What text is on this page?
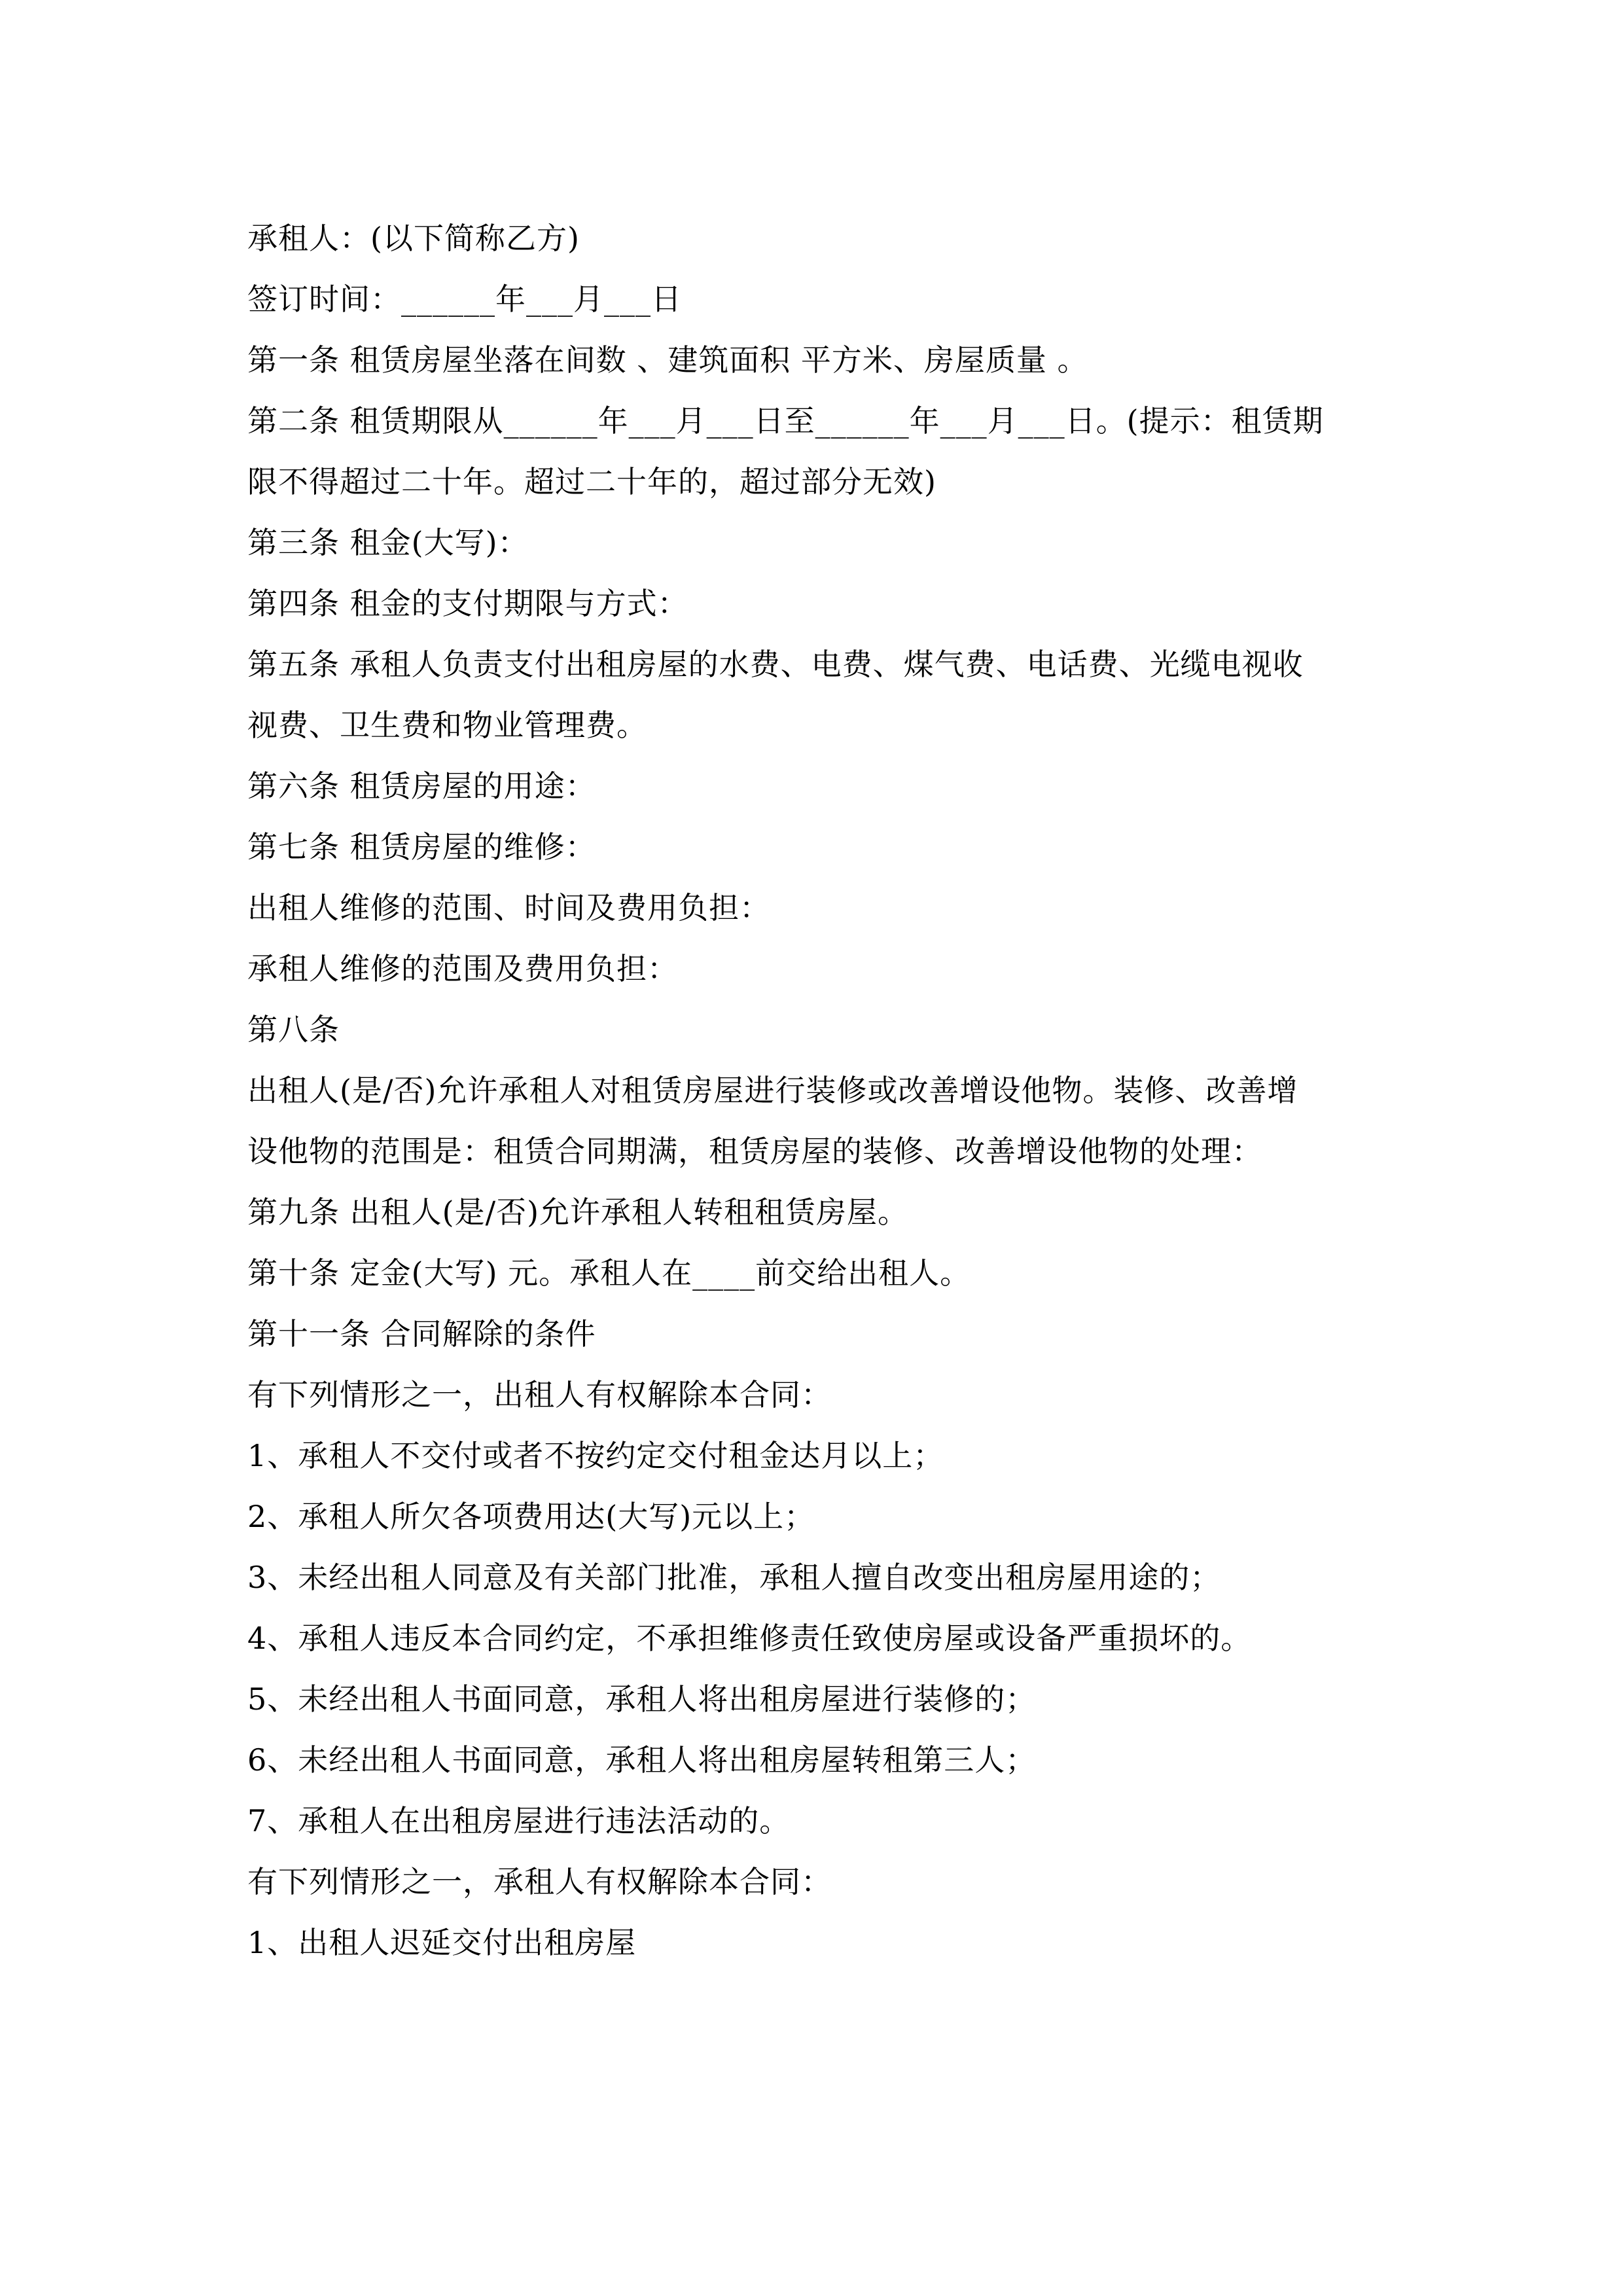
承租人：(以下简称乙方)
签订时间：______年___月___日
第一条 租赁房屋坐落在间数 、建筑面积 平方米、房屋质量 。
第二条 租赁期限从______年___月___日至______年___月___日。(提示：租赁期
限不得超过二十年。超过二十年的，超过部分无效)
第三条 租金(大写)：
第四条 租金的支付期限与方式：
第五条 承租人负责支付出租房屋的水费、电费、煤气费、电话费、光缆电视收
视费、卫生费和物业管理费。
第六条 租赁房屋的用途：
第七条 租赁房屋的维修：
出租人维修的范围、时间及费用负担：
承租人维修的范围及费用负担：
第八条
出租人(是/否)允许承租人对租赁房屋进行装修或改善增设他物。装修、改善增
设他物的范围是：租赁合同期满，租赁房屋的装修、改善增设他物的处理：
第九条 出租人(是/否)允许承租人转租租赁房屋。
第十条 定金(大写) 元。承租人在____前交给出租人。
第十一条 合同解除的条件
有下列情形之一，出租人有权解除本合同：
1、承租人不交付或者不按约定交付租金达月以上；
2、承租人所欠各项费用达(大写)元以上；
3、未经出租人同意及有关部门批准，承租人擅自改变出租房屋用途的；
4、承租人违反本合同约定，不承担维修责任致使房屋或设备严重损坏的。
5、未经出租人书面同意，承租人将出租房屋进行装修的；
6、未经出租人书面同意，承租人将出租房屋转租第三人；
7、承租人在出租房屋进行违法活动的。
有下列情形之一，承租人有权解除本合同：
1、出租人迟延交付出租房屋
